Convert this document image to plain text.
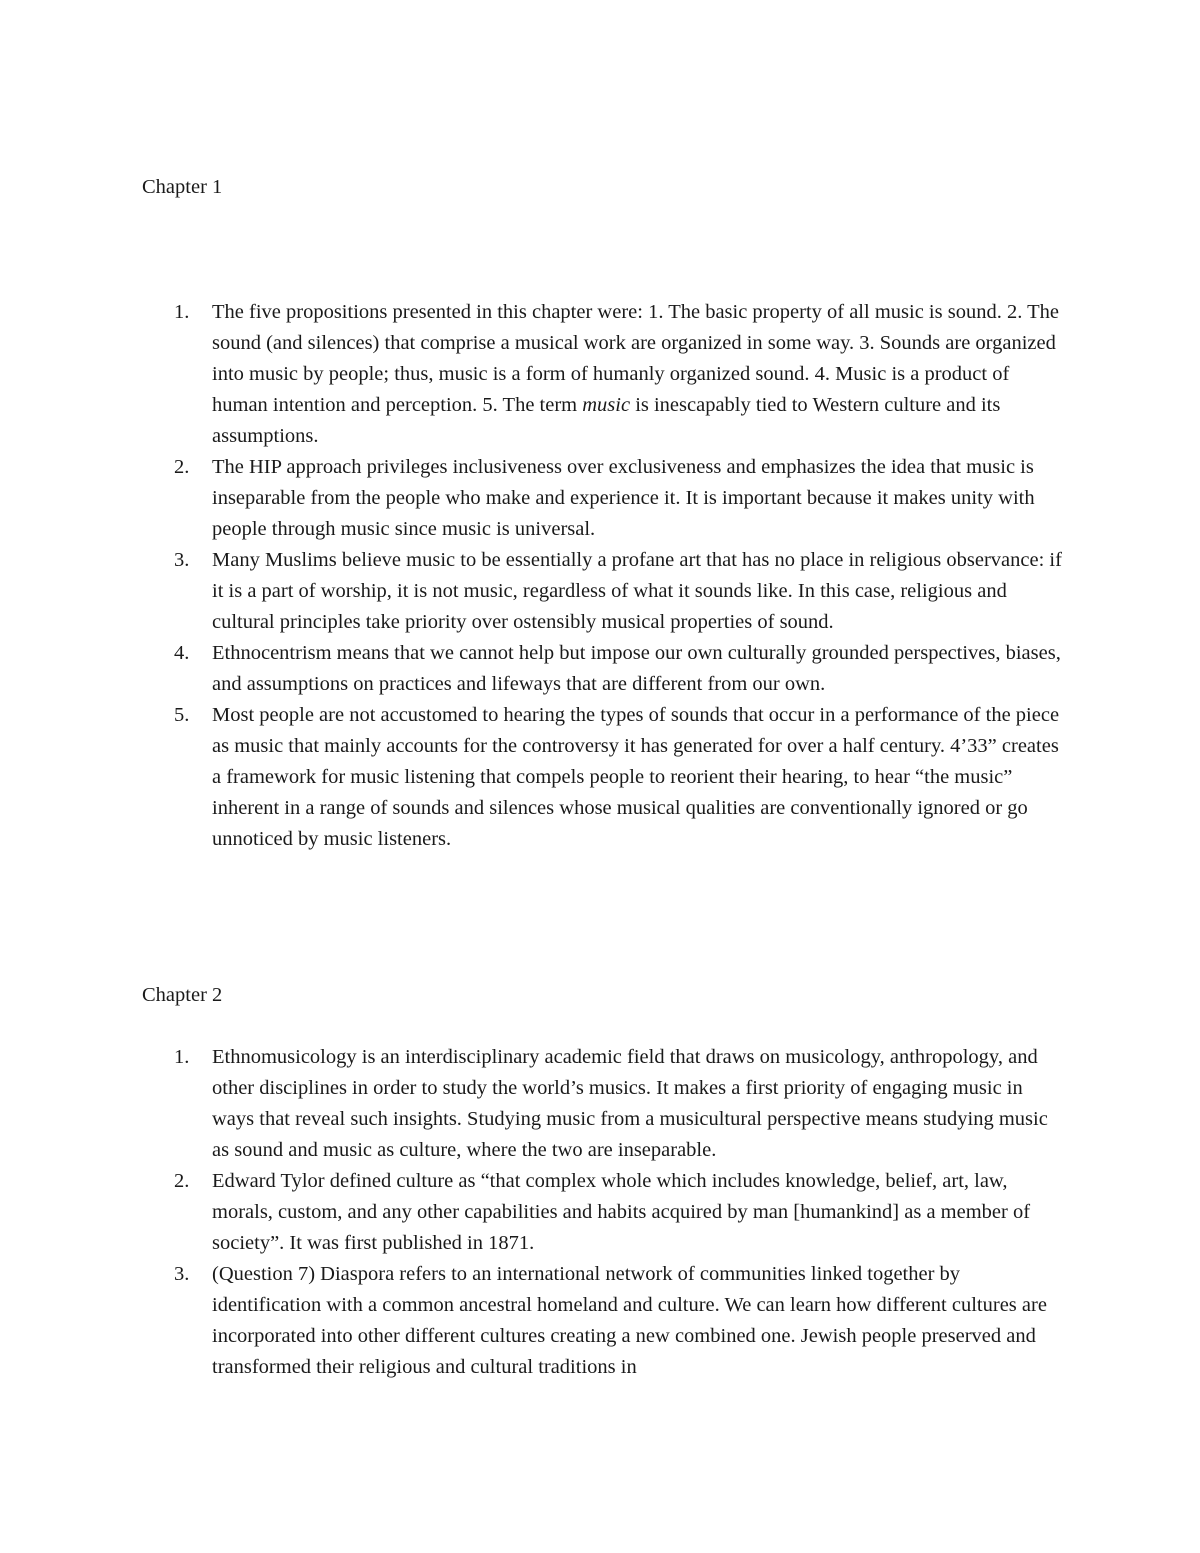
Chapter 1
1.	The five propositions presented in this chapter were: 1. The basic property of all music is sound. 2. The sound (and silences) that comprise a musical work are organized in some way. 3. Sounds are organized into music by people; thus, music is a form of humanly organized sound. 4. Music is a product of human intention and perception. 5. The term music is inescapably tied to Western culture and its assumptions.
2.	The HIP approach privileges inclusiveness over exclusiveness and emphasizes the idea that music is inseparable from the people who make and experience it. It is important because it makes unity with people through music since music is universal.
3.	Many Muslims believe music to be essentially a profane art that has no place in religious observance: if it is a part of worship, it is not music, regardless of what it sounds like. In this case, religious and cultural principles take priority over ostensibly musical properties of sound.
4.	Ethnocentrism means that we cannot help but impose our own culturally grounded perspectives, biases, and assumptions on practices and lifeways that are different from our own.
5.	Most people are not accustomed to hearing the types of sounds that occur in a performance of the piece as music that mainly accounts for the controversy it has generated for over a half century. 4’33” creates a framework for music listening that compels people to reorient their hearing, to hear “the music” inherent in a range of sounds and silences whose musical qualities are conventionally ignored or go unnoticed by music listeners.
Chapter 2
1.	Ethnomusicology is an interdisciplinary academic field that draws on musicology, anthropology, and other disciplines in order to study the world’s musics. It makes a first priority of engaging music in ways that reveal such insights. Studying music from a musicultural perspective means studying music as sound and music as culture, where the two are inseparable.
2.	Edward Tylor defined culture as “that complex whole which includes knowledge, belief, art, law, morals, custom, and any other capabilities and habits acquired by man [humankind] as a member of society”. It was first published in 1871.
3.	(Question 7) Diaspora refers to an international network of communities linked together by identification with a common ancestral homeland and culture. We can learn how different cultures are incorporated into other different cultures creating a new combined one. Jewish people preserved and transformed their religious and cultural traditions in
